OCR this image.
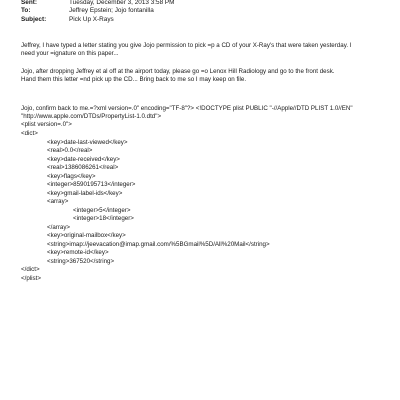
Sent:	Tuesday, December 3, 2013 3:58 PM
To:	Jeffrey Epstein; Jojo fontanilla
Subject:	Pick Up X-Rays
Jeffrey, I have typed a letter stating you give Jojo permission to pick =p a CD of your X-Ray's that were taken yesterday. I
need your =ignature on this paper...
Jojo, after dropping Jeffrey et al off at the airport today, please go =o Lenox Hill Radiology and go to the front desk.
Hand them this letter =nd pick up the CD... Bring back to me so I may keep on file.
Jojo, confirm back to me.=?xml version=.0" encoding="TF-8"?> <!DOCTYPE plist PUBLIC "-//Apple//DTD PLIST 1.0//EN"
"http://www.apple.com/DTDs/PropertyList-1.0.dtd">
<plist version=.0">
<dict>
<key>date-last-viewed</key>
<real>0.0</real>
<key>date-received</key>
<real>1386086261</real>
<key>flags</key>
<integer>8590195713</integer>
<key>gmail-label-ids</key>
<array>
<integer>5</integer>
<integer>18</integer>
</array>
<key>original-mailbox</key>
<string>imap://jeevacation@imap.gmail.com/%5BGmail%5D/All%20Mail</string>
<key>remote-id</key>
<string>367520</string>
</dict>
</plist>
